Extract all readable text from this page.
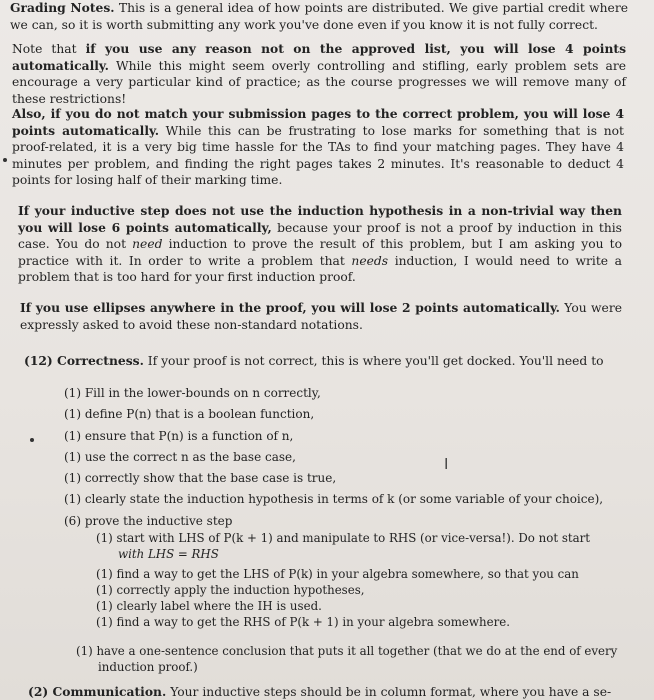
Grading Notes. This is a general idea of how points are distributed. We give partial credit where we can, so it is worth submitting any work you've done even if you know it is not fully correct.

Note that if you use any reason not on the approved list, you will lose 4 points automatically. While this might seem overly controlling and stifling, early problem sets are encourage a very particular kind of practice; as the course progresses we will remove many of these restrictions!

Also, if you do not match your submission pages to the correct problem, you will lose 4 points automatically. While this can be frustrating to lose marks for something that is not proof-related, it is a very big time hassle for the TAs to find your matching pages. They have 4 minutes per problem, and finding the right pages takes 2 minutes. It's reasonable to deduct 4 points for losing half of their marking time.

If your inductive step does not use the induction hypothesis in a non-trivial way then you will lose 6 points automatically, because your proof is not a proof by induction in this case. You do not need induction to prove the result of this problem, but I am asking you to practice with it. In order to write a problem that needs induction, I would need to write a problem that is too hard for your first induction proof.

If you use ellipses anywhere in the proof, you will lose 2 points automatically. You were expressly asked to avoid these non-standard notations.

(12) Correctness. If your proof is not correct, this is where you'll get docked. You'll need to

(1) Fill in the lower-bounds on n correctly,
(1) define P(n) that is a boolean function,
(1) ensure that P(n) is a function of n,
(1) use the correct n as the base case,
(1) correctly show that the base case is true,
(1) clearly state the induction hypothesis in terms of k (or some variable of your choice),
(6) prove the inductive step
(1) start with LHS of P(k + 1) and manipulate to RHS (or vice-versa!). Do not start
with LHS = RHS
(1) find a way to get the LHS of P(k) in your algebra somewhere, so that you can
(1) correctly apply the induction hypotheses,
(1) clearly label where the IH is used.
(1) find a way to get the RHS of P(k + 1) in your algebra somewhere.
(1) have a one-sentence conclusion that puts it all together (that we do at the end of every
induction proof.)

(2) Communication. Your inductive steps should be in column format, where you have a se-

I
